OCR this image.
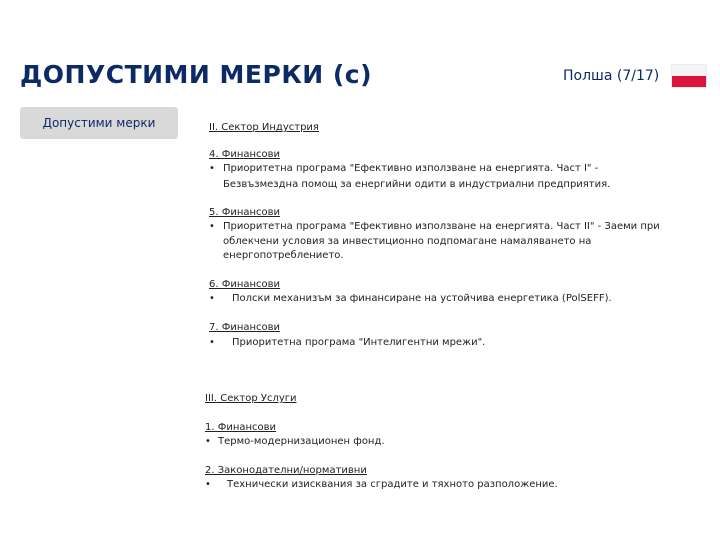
ДОПУСТИМИ МЕРКИ (с)	Полша (7/17)
Допустими мерки	II. Сектор Индустрия
4. Финансови
• Приоритетна програма "Ефективно използване на енергията. Част I" -
Безвъзмездна помощ за енергийни одити в индустриални предприятия.
5. Финансови
• Приоритетна програма "Ефективно използване на енергията. Част II" - Заеми при
облекчени условия за инвестиционно подпомагане намаляването на
енергопотреблението.
6. Финансови
• Полски механизъм за финансиране на устойчива енергетика (PolSEFF).
7. Финансови
• Приоритетна програма "Интелигентни мрежи".
III. Сектор Услуги
1. Финансови
• Термо-модернизационен фонд.
2. Законодателни/нормативни
• Технически изисквания за сградите и тяхното разположение.
